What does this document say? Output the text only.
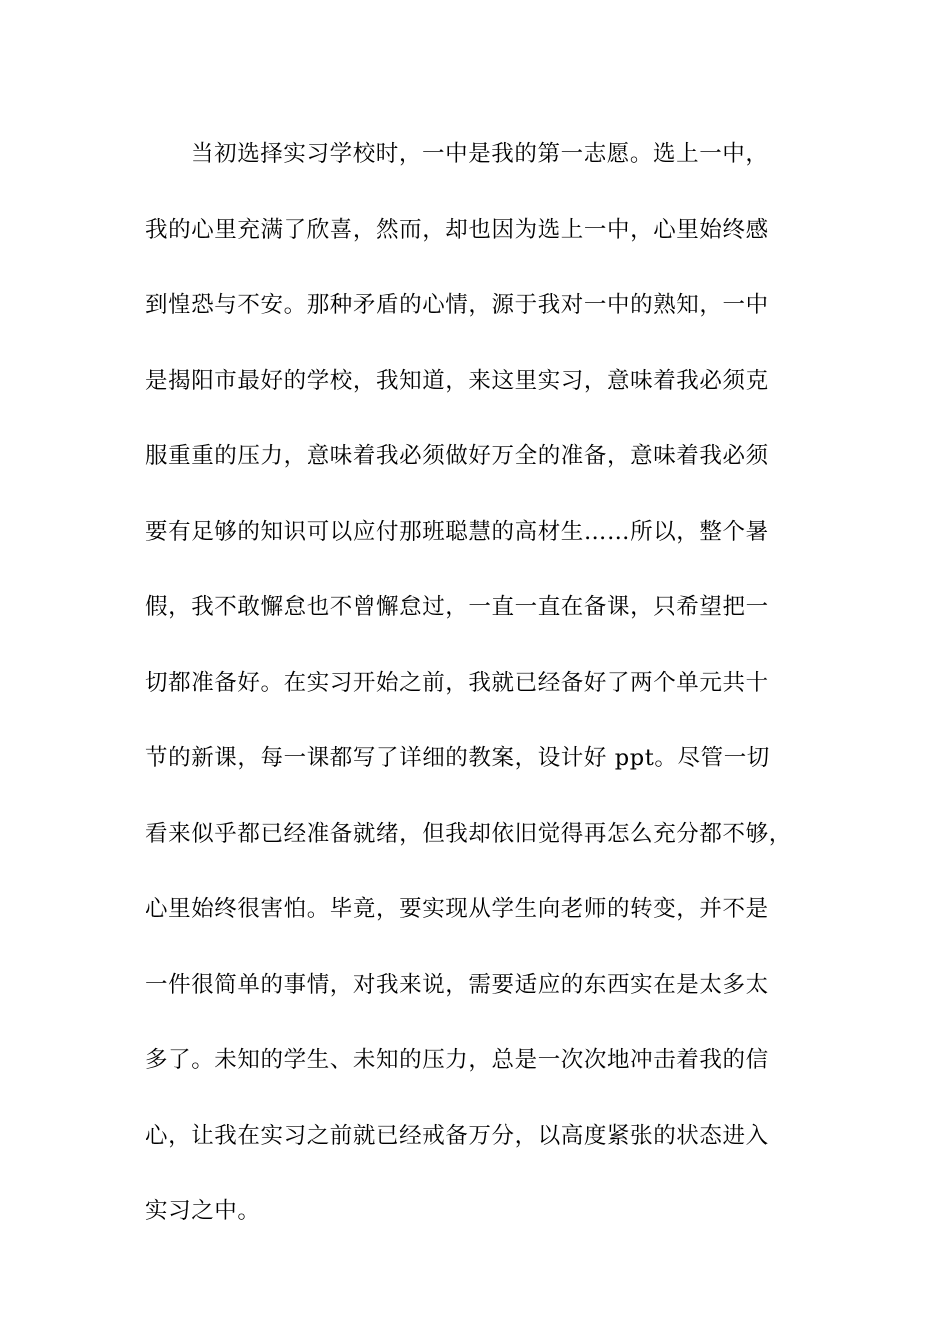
当初选择实习学校时，一中是我的第一志愿。选上一中，
我的心里充满了欣喜，然而，却也因为选上一中，心里始终感
到惶恐与不安。那种矛盾的心情，源于我对一中的熟知，一中
是揭阳市最好的学校，我知道，来这里实习，意味着我必须克
服重重的压力，意味着我必须做好万全的准备，意味着我必须
要有足够的知识可以应付那班聪慧的高材生……所以，整个暑
假，我不敢懈怠也不曾懈怠过，一直一直在备课，只希望把一
切都准备好。在实习开始之前，我就已经备好了两个单元共十
节的新课，每一课都写了详细的教案，设计好 ppt。尽管一切
看来似乎都已经准备就绪，但我却依旧觉得再怎么充分都不够，
心里始终很害怕。毕竟，要实现从学生向老师的转变，并不是
一件很简单的事情，对我来说，需要适应的东西实在是太多太
多了。未知的学生、未知的压力，总是一次次地冲击着我的信
心，让我在实习之前就已经戒备万分，以高度紧张的状态进入
实习之中。
